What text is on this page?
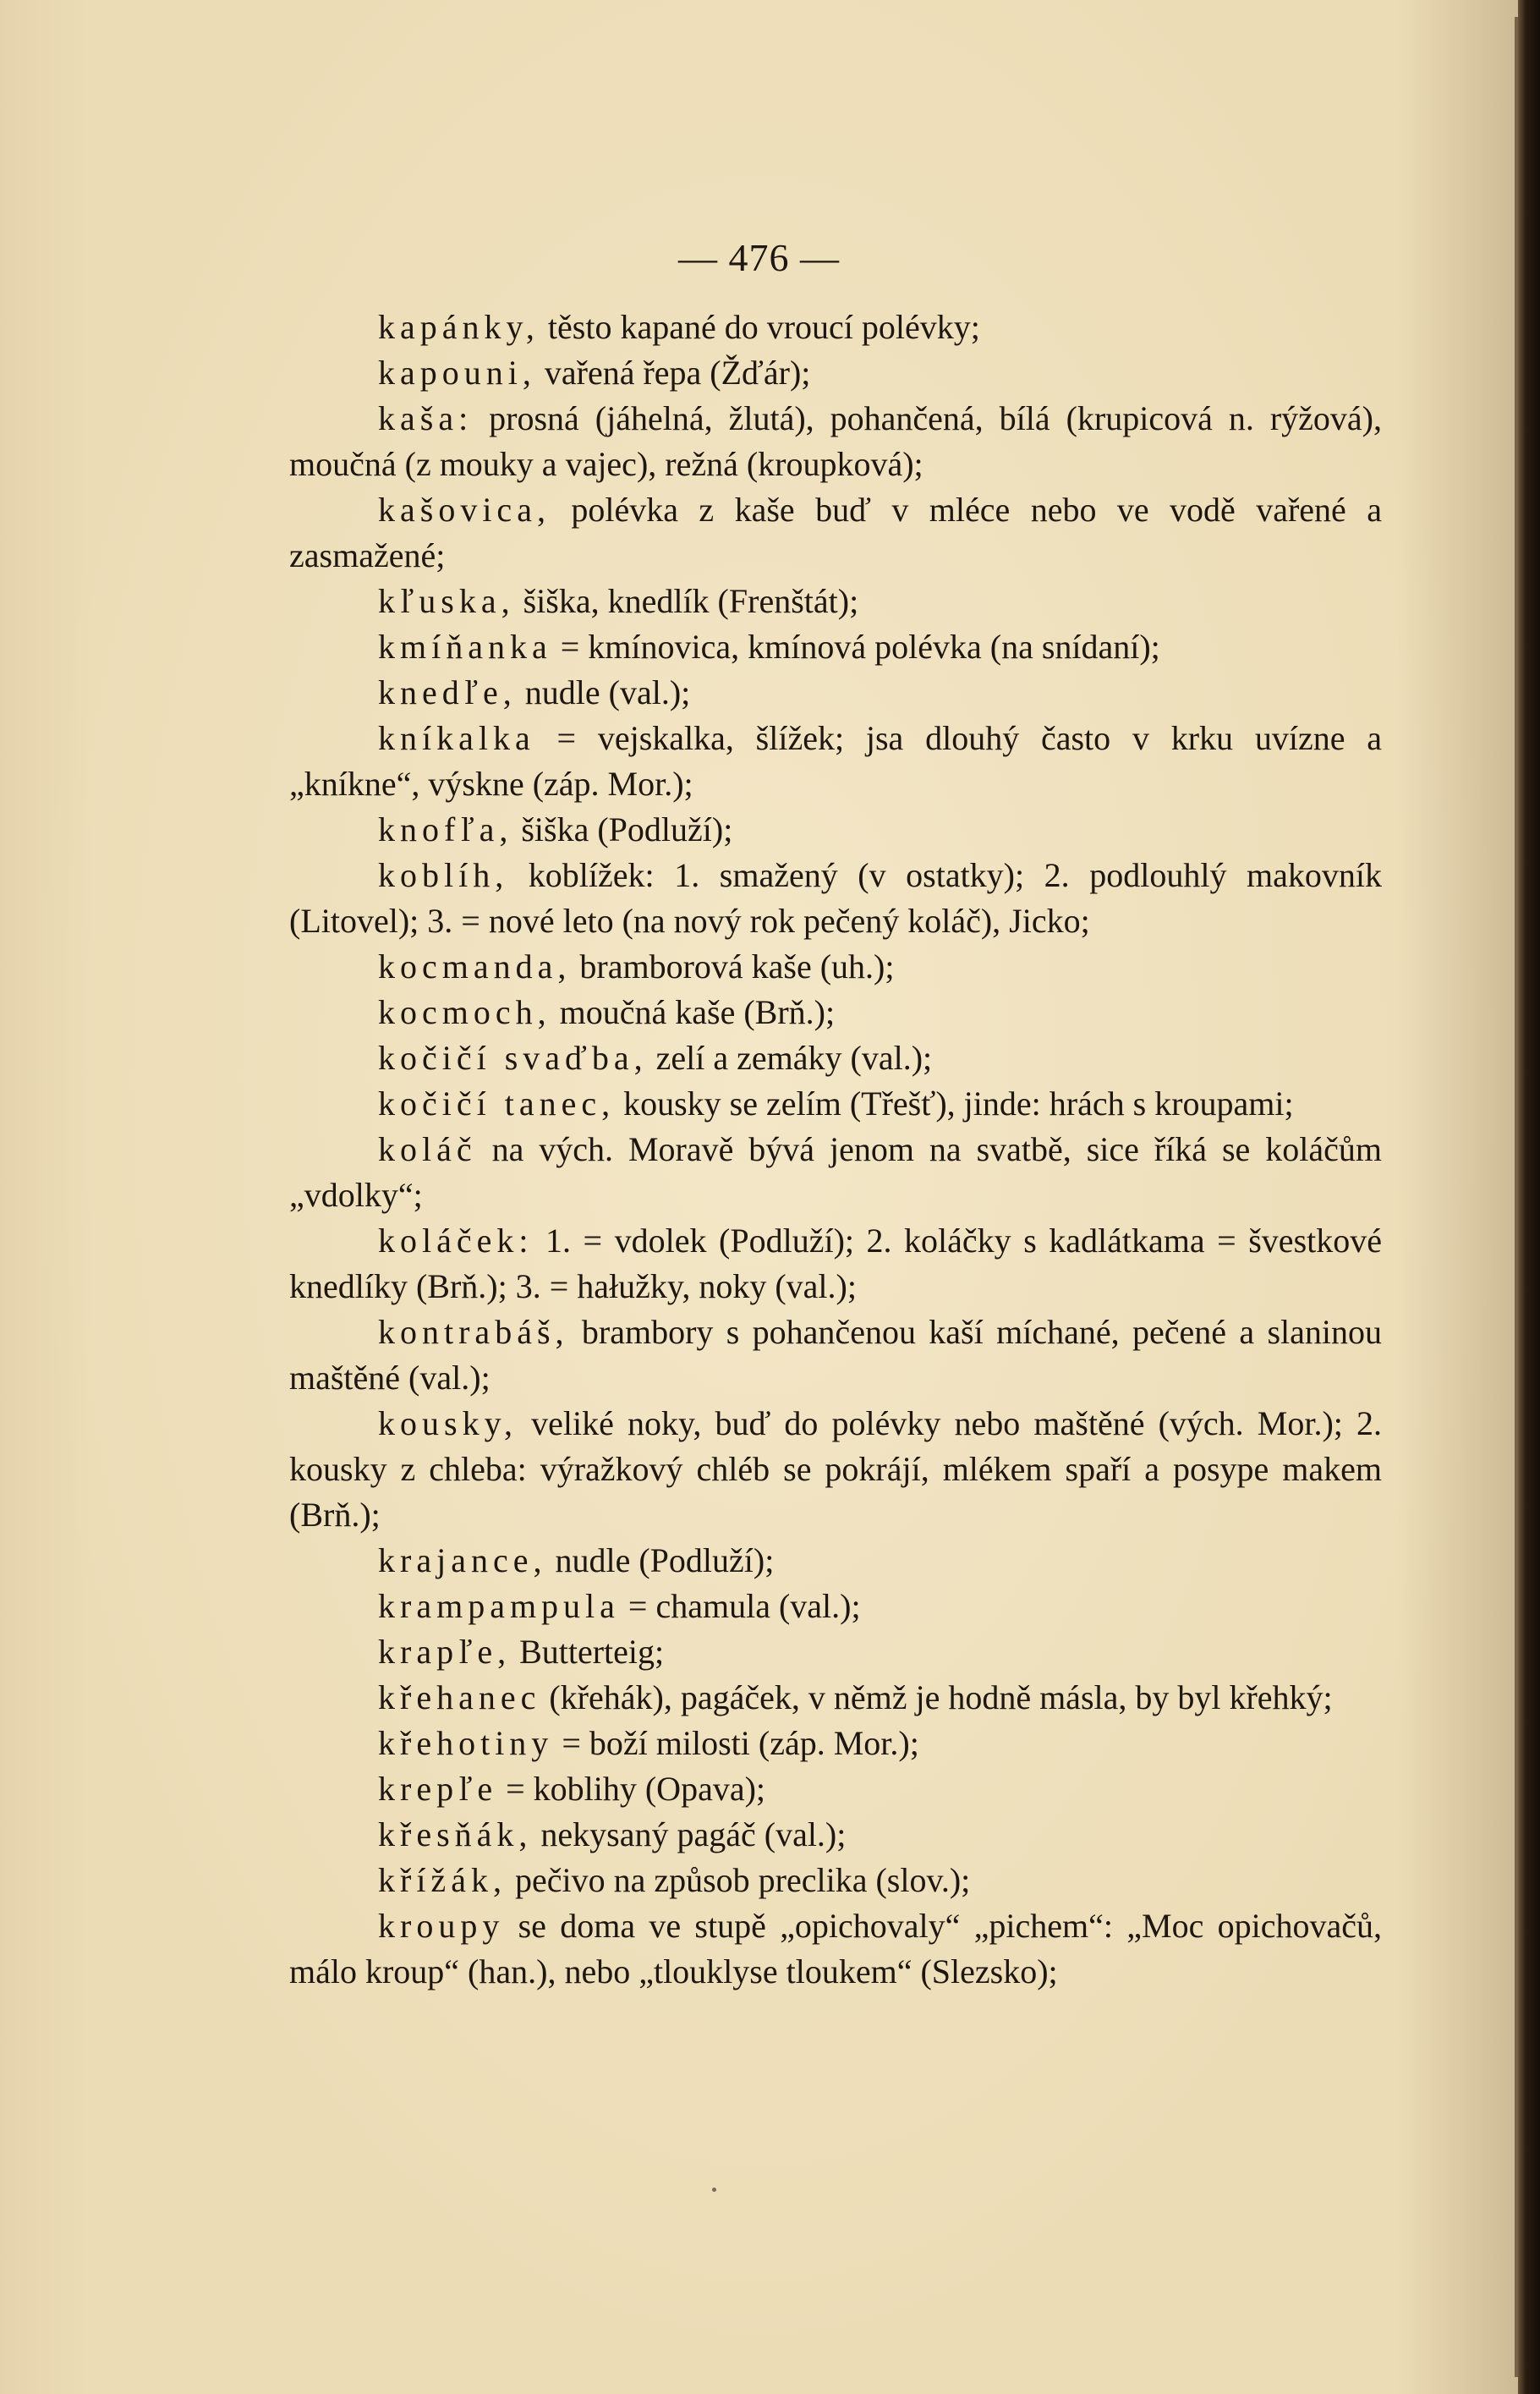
— 476 —

kapánky, těsto kapané do vroucí polévky;

kapouni, vařená řepa (Žďár);

kaša: prosná (jáhelná, žlutá), pohančená, bílá (krupicová n. rýžová), moučná (z mouky a vajec), režná (kroupková);

kašovica, polévka z kaše buď v mléce nebo ve vodě vařené a zasmažené;

kľuska, šiška, knedlík (Frenštát);

kmíňanka = kmínovica, kmínová polévka (na snídaní);

knedľe, nudle (val.);

kníkalka = vejskalka, šlížek; jsa dlouhý často v krku uvízne a „kníkne“, výskne (záp. Mor.);

knofľa, šiška (Podluží);

koblíh, koblížek: 1. smažený (v ostatky); 2. podlouhlý makovník (Litovel); 3. = nové leto (na nový rok pečený koláč), Jicko;

kocmanda, bramborová kaše (uh.);

kocmoch, moučná kaše (Brň.);

kočičí svaďba, zelí a zemáky (val.);

kočičí tanec, kousky se zelím (Třešť), jinde: hrách s kroupami;

koláč na vých. Moravě bývá jenom na svatbě, sice říká se koláčům „vdolky“;

koláček: 1. = vdolek (Podluží); 2. koláčky s kadlátkama = švestkové knedlíky (Brň.); 3. = hałužky, noky (val.);

kontrabáš, brambory s pohančenou kaší míchané, pečené a slaninou maštěné (val.);

kousky, veliké noky, buď do polévky nebo maštěné (vých. Mor.); 2. kousky z chleba: výražkový chléb se pokrájí, mlékem spaří a posype makem (Brň.);

krajance, nudle (Podluží);

krampampula = chamula (val.);

krapľe, Butterteig;

křehanec (křehák), pagáček, v němž je hodně másla, by byl křehký;

křehotiny = boží milosti (záp. Mor.);

krepľe = koblihy (Opava);

křesňák, nekysaný pagáč (val.);

křížák, pečivo na způsob preclika (slov.);

kroupy se doma ve stupě „opichovaly“ „pichem“: „Moc opichovačů, málo kroup“ (han.), nebo „tlouklyse tloukem“ (Slezsko);
